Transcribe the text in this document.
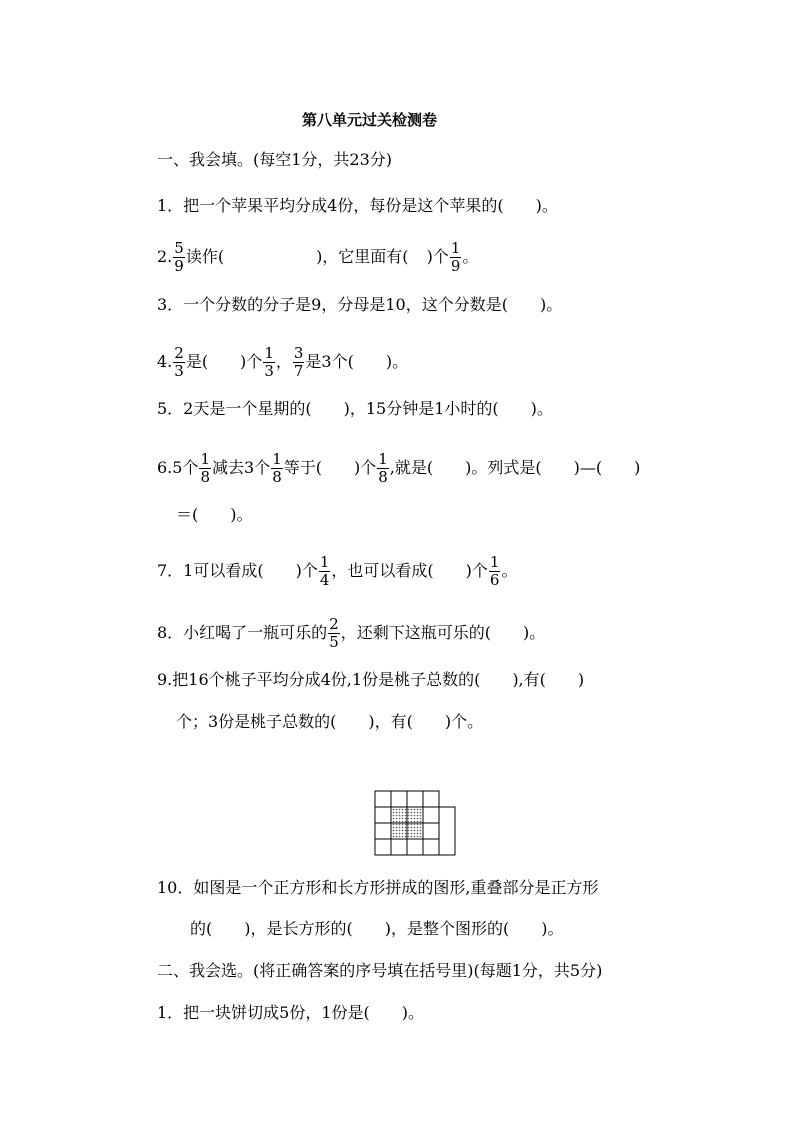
第八单元过关检测卷
一、我会填。(每空1分，共23分)
1．把一个苹果平均分成4份，每份是这个苹果的(　　)。
2. $\frac{5}{9}$ 读作(	)，它里面有( )个 $\frac{1}{9}$ 。
3．一个分数的分子是9，分母是10，这个分数是(　　)。
4. $\frac{2}{3}$ 是(　　)个 $\frac{1}{3}$ ， $\frac{3}{7}$ 是3个(　　)。
5．2天是一个星期的(　　)，15分钟是1小时的(　　)。
6.5个 $\frac{1}{8}$ 减去3个 $\frac{1}{8}$ 等于(　　)个 $\frac{1}{8}$ ,就是(　　)。列式是(　　)—(　　)
＝(　　)。
7．1可以看成(　　)个 $\frac{1}{4}$ ，也可以看成(　　)个 $\frac{1}{6}$ 。
8．小红喝了一瓶可乐的 $\frac{2}{5}$ ，还剩下这瓶可乐的(　　)。
9.把16个桃子平均分成4份,1份是桃子总数的(　　),有(　　)
个；3份是桃子总数的(　　)，有(　　)个。
10．如图是一个正方形和长方形拼成的图形,重叠部分是正方形
的(　　)，是长方形的(　　)，是整个图形的(　　)。
二、我会选。(将正确答案的序号填在括号里)(每题1分，共5分)
1．把一块饼切成5份，1份是(　　)。
